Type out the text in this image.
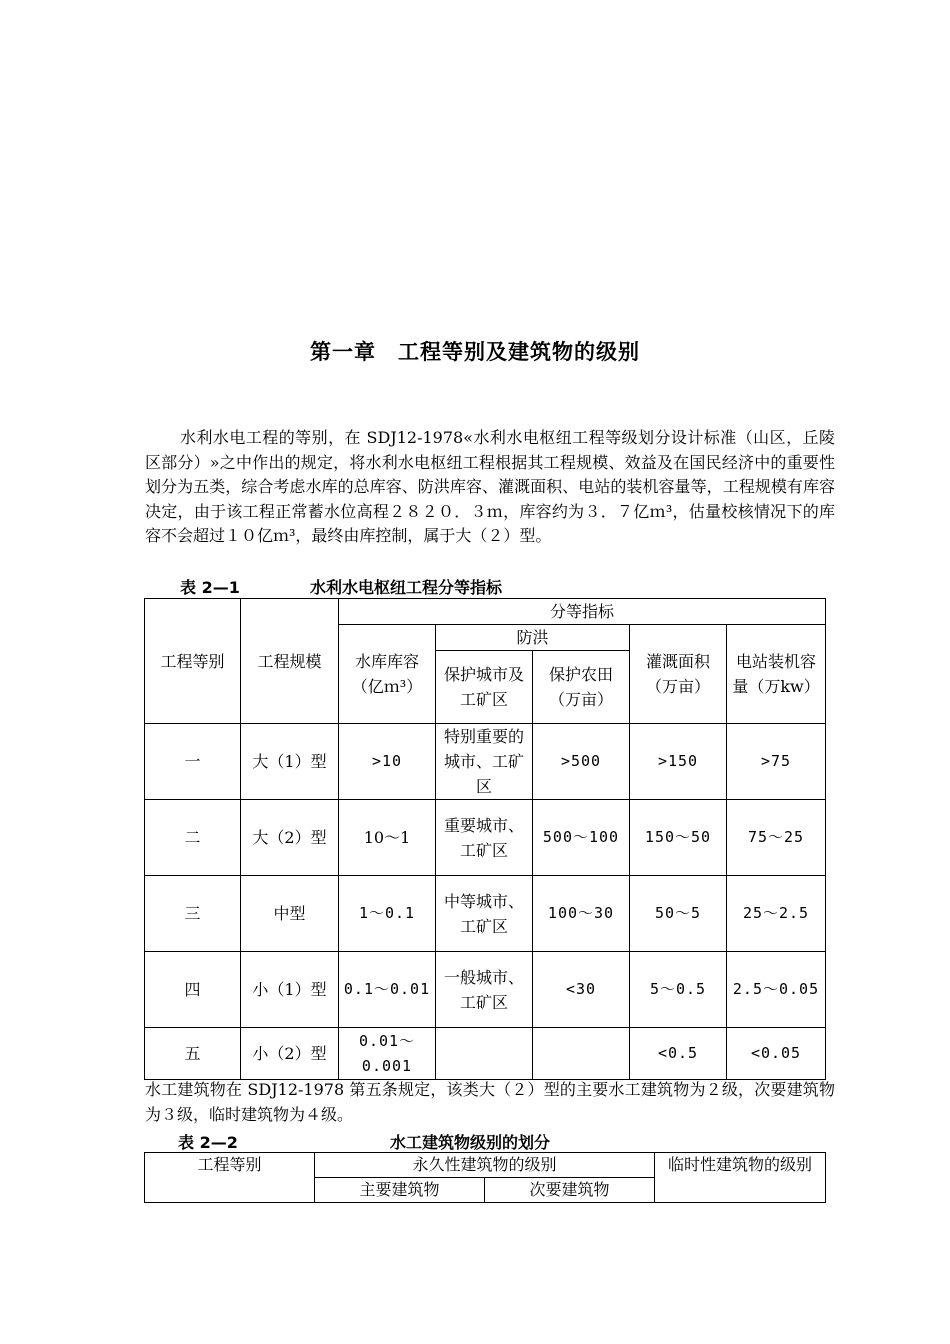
第一章　工程等别及建筑物的级别

水利水电工程的等别，在 SDJ12-1978«水利水电枢纽工程等级划分设计标准（山区，丘陵区部分）»之中作出的规定，将水利水电枢纽工程根据其工程规模、效益及在国民经济中的重要性划分为五类，综合考虑水库的总库容、防洪库容、灌溉面积、电站的装机容量等，工程规模有库容决定，由于该工程正常蓄水位高程２８２０．３ｍ，库容约为３．７亿ｍ³，估量校核情况下的库容不会超过１０亿ｍ³，最终由库控制，属于大（２）型。

表 2—1	水利水电枢纽工程分等指标
工程等别	工程规模	分等指标				
		水库库容（亿ｍ³）	防洪		灌溉面积（万亩）	电站装机容量（万kw）
			保护城市及工矿区	保护农田（万亩）		
一	大（1）型	>10	特别重要的城市、工矿区	>500	>150	>75
二	大（2）型	10～1	重要城市、工矿区	500～100	150～50	75～25
三	中型	1～0.1	中等城市、工矿区	100～30	50～5	25～2.5
四	小（1）型	0.1～0.01	一般城市、工矿区	<30	5～0.5	2.5～0.05
五	小（2）型	0.01～0.001			<0.5	<0.05

水工建筑物在 SDJ12-1978 第五条规定，该类大（２）型的主要水工建筑物为２级，次要建筑物为３级，临时建筑物为４级。

表 2—2	水工建筑物级别的划分
工程等别	永久性建筑物的级别		临时性建筑物的级别
	主要建筑物	次要建筑物	
